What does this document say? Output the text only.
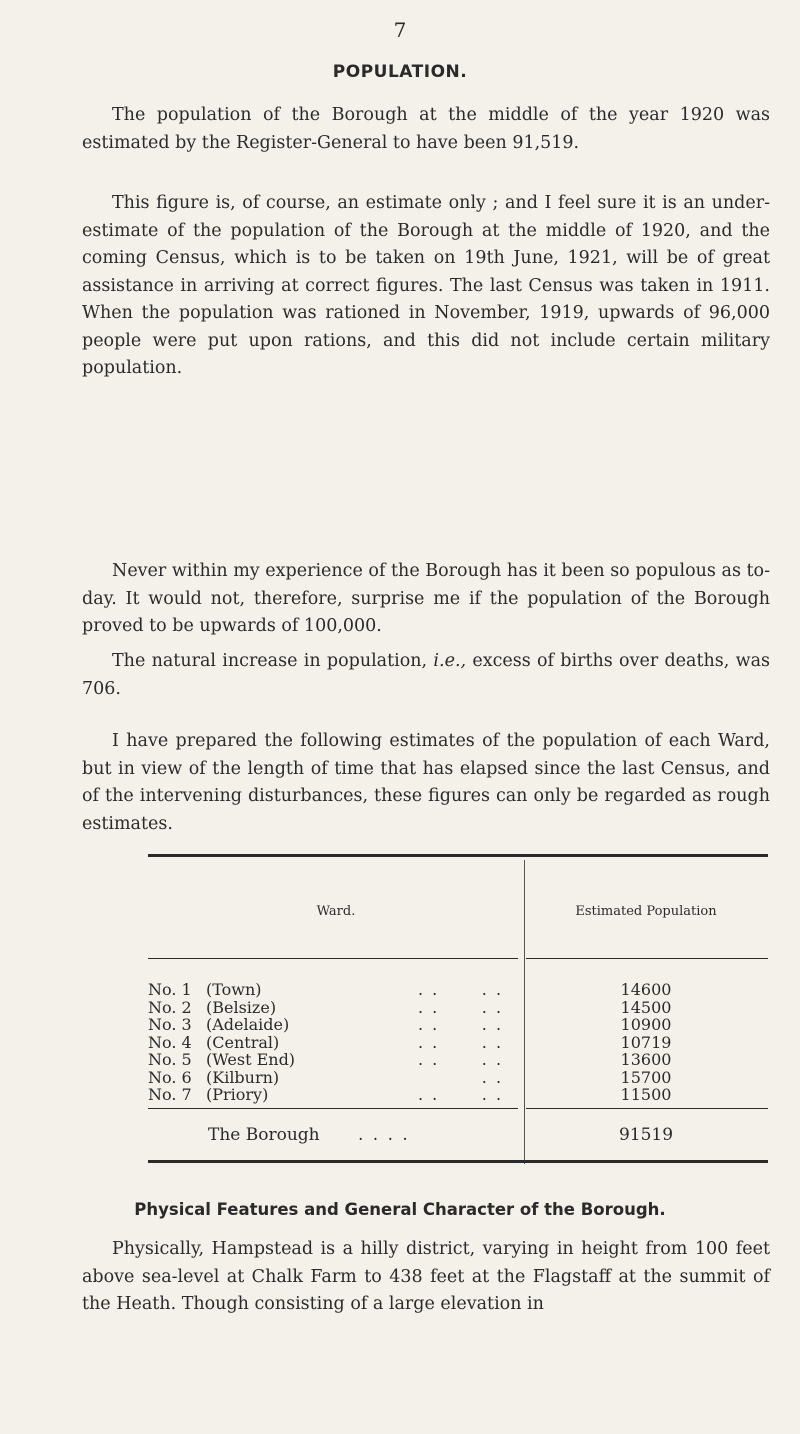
7
POPULATION.
The population of the Borough at the middle of the year 1920 was estimated by the Register-General to have been 91,519.
This figure is, of course, an estimate only ; and I feel sure it is an under-estimate of the population of the Borough at the middle of 1920, and the coming Census, which is to be taken on 19th June, 1921, will be of great assistance in arriving at correct figures. The last Census was taken in 1911. When the population was rationed in November, 1919, upwards of 96,000 people were put upon rations, and this did not include certain military population.
Never within my experience of the Borough has it been so populous as to-day. It would not, therefore, surprise me if the population of the Borough proved to be upwards of 100,000.
The natural increase in population, i.e., excess of births over deaths, was 706.
I have prepared the following estimates of the population of each Ward, but in view of the length of time that has elapsed since the last Census, and of the intervening disturbances, these figures can only be regarded as rough estimates.
Ward.	Estimated Population
No. 1 (Town)	. .      . .	14600
No. 2 (Belsize)	. .      . .	14500
No. 3 (Adelaide)	. .      . .	10900
No. 4 (Central)	. .      . .	10719
No. 5 (West End)	. .      . .	13600
No. 6 (Kilburn)	. .	15700
No. 7 (Priory)	. .      . .	11500
The Borough	. . . .	91519
Physical Features and General Character of the Borough.
Physically, Hampstead is a hilly district, varying in height from 100 feet above sea-level at Chalk Farm to 438 feet at the Flagstaff at the summit of the Heath. Though consisting of a large elevation in
